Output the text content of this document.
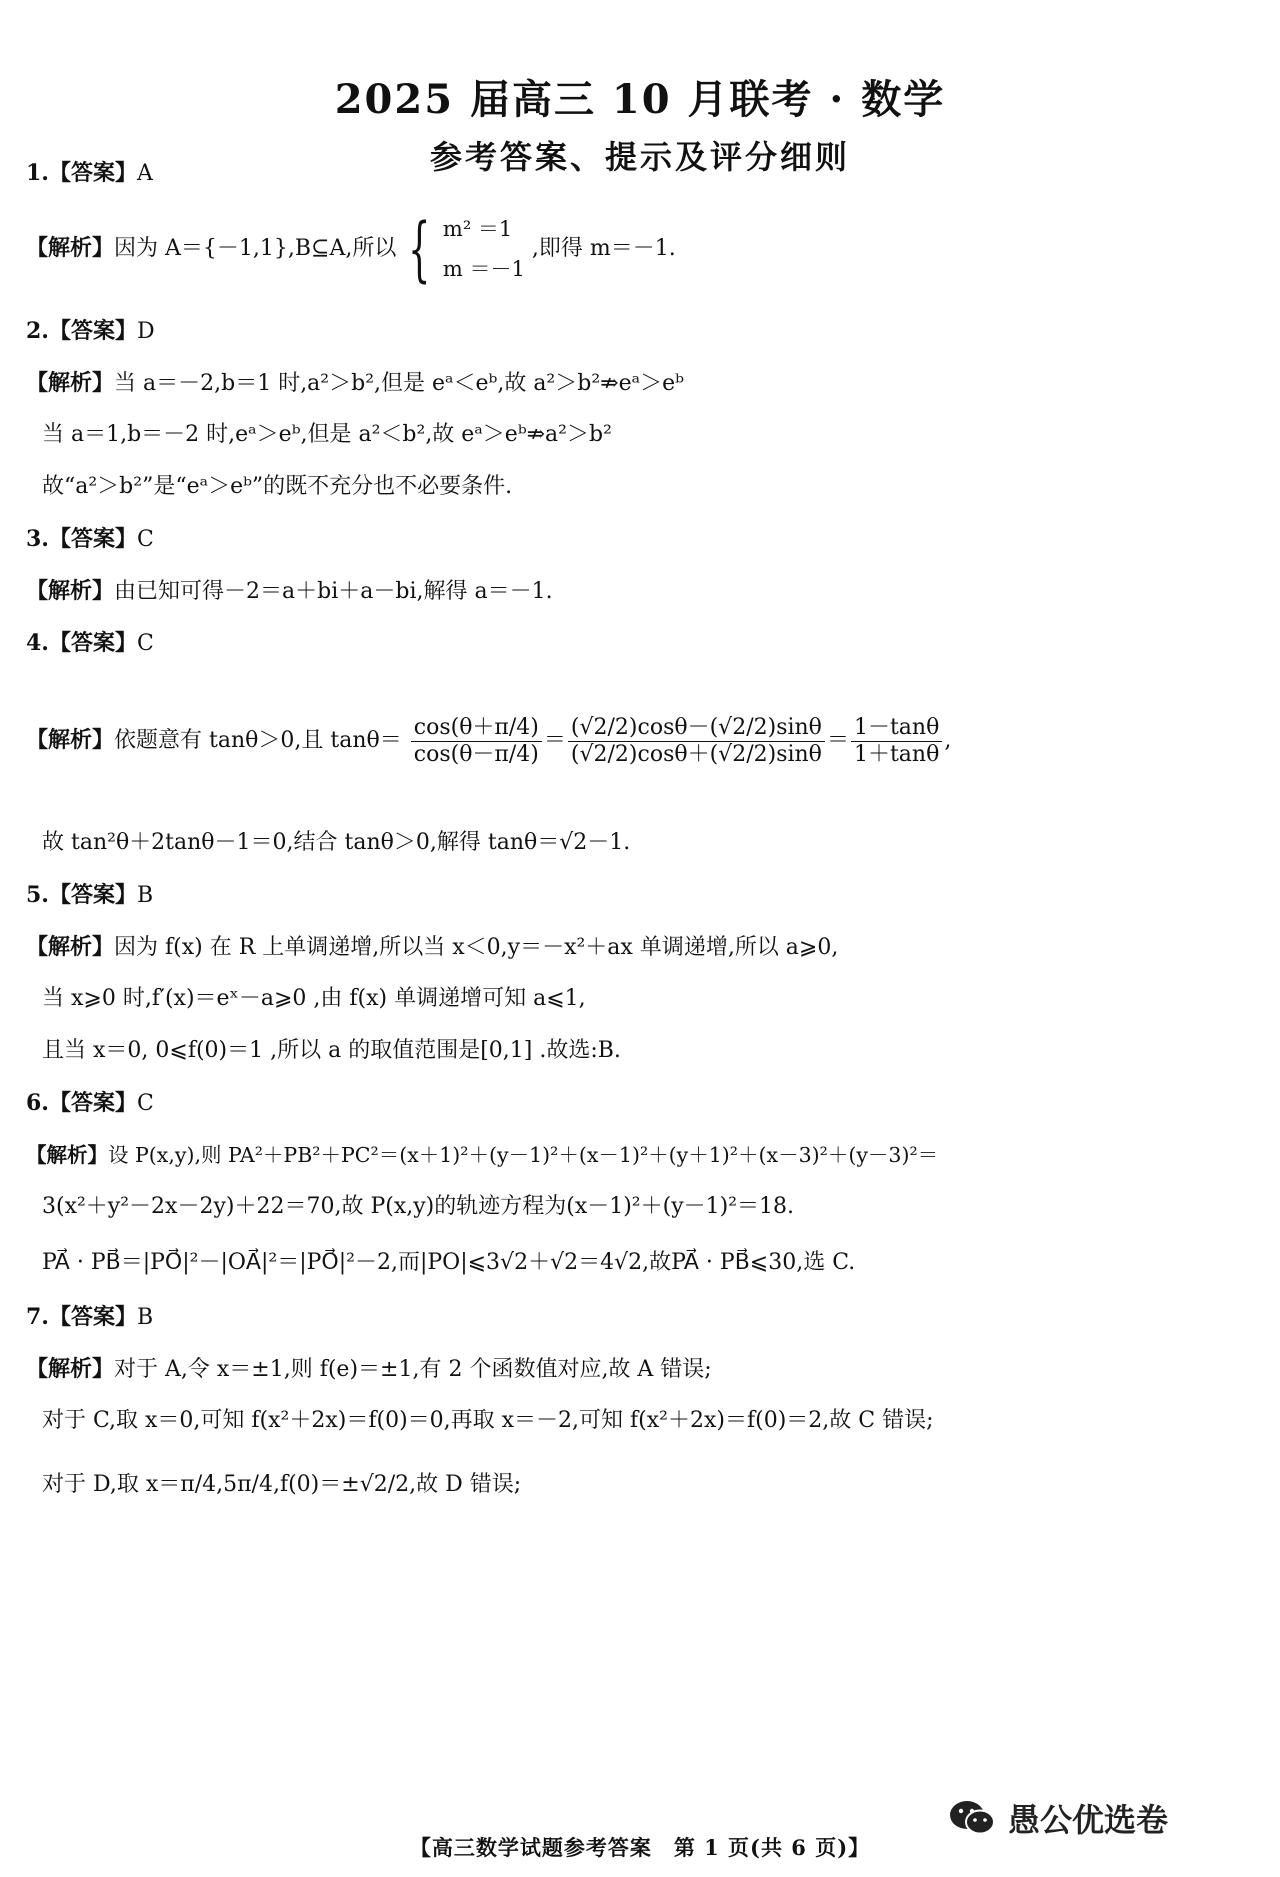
2025 届高三 10 月联考 · 数学
参考答案、提示及评分细则
1.【答案】A
【解析】因为 A＝{－1,1},B⊆A,所以 { m² ＝1
m ＝－1
,即得 m＝－1.
2.【答案】D
【解析】当 a＝－2,b＝1 时,a²＞b²,但是 eᵃ＜eᵇ,故 a²＞b²⇏eᵃ＞eᵇ
当 a＝1,b＝－2 时,eᵃ＞eᵇ,但是 a²＜b²,故 eᵃ＞eᵇ⇏a²＞b²
故“a²＞b²”是“eᵃ＞eᵇ”的既不充分也不必要条件.
3.【答案】C
【解析】由已知可得－2＝a＋bi＋a－bi,解得 a＝－1.
4.【答案】C
【解析】依题意有 tanθ＞0,且 $\tan\theta= \frac{\cos(\theta+\pi/4)}{\cos(\theta-\pi/4)} = \frac{(√2/2)\cos\theta-(√2/2)\sin\theta}{(√2/2)\cos\theta+(√2/2)\sin\theta} = \frac{1-\tan\theta}{1+\tan\theta}$ ,
故 tan²θ＋2tanθ－1＝0,结合 tanθ＞0,解得 tanθ＝√2－1.
5.【答案】B
【解析】因为 f(x) 在 R 上单调递增,所以当 x＜0,y＝－x²＋ax 单调递增,所以 a⩾0,
当 x⩾0 时,f′(x)＝eˣ－a⩾0 ,由 f(x) 单调递增可知 a⩽1,
且当 x＝0, 0⩽f(0)＝1 ,所以 a 的取值范围是[0,1] .故选:B.
6.【答案】C
【解析】设 P(x,y),则 PA²＋PB²＋PC²＝(x＋1)²＋(y－1)²＋(x－1)²＋(y＋1)²＋(x－3)²＋(y－3)²＝
3(x²＋y²－2x－2y)＋22＝70,故 P(x,y)的轨迹方程为(x－1)²＋(y－1)²＝18.
PA⃗ · PB⃗＝|PO⃗|²－|OA⃗|²＝|PO⃗|²－2,而|PO|⩽3√2＋√2＝4√2,故PA⃗ · PB⃗⩽30,选 C.
7.【答案】B
【解析】对于 A,令 x＝±1,则 f(e)＝±1,有 2 个函数值对应,故 A 错误;
对于 C,取 x＝0,可知 f(x²＋2x)＝f(0)＝0,再取 x＝－2,可知 f(x²＋2x)＝f(0)＝2,故 C 错误;
对于 D,取 x＝π/4,5π/4,f(0)＝±√2/2,故 D 错误;
【高三数学试题参考答案　第 1 页(共 6 页)】
愚公优选卷
